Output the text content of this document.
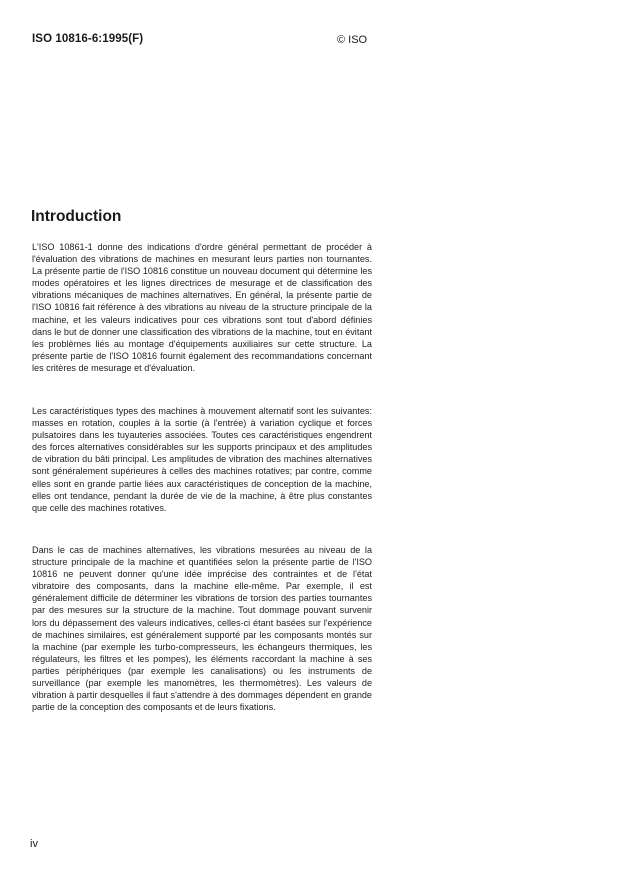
ISO 10816-6:1995(F)	© ISO
Introduction

L'ISO 10861-1 donne des indications d'ordre général permettant de procéder à l'évaluation des vibrations de machines en mesurant leurs parties non tournantes. La présente partie de l'ISO 10816 constitue un nouveau document qui détermine les modes opératoires et les lignes directrices de mesurage et de classification des vibrations mécaniques de machines alternatives. En général, la présente partie de l'ISO 10816 fait référence à des vibrations au niveau de la structure principale de la machine, et les valeurs indicatives pour ces vibrations sont tout d'abord définies dans le but de donner une classification des vibrations de la machine, tout en évitant les problèmes liés au montage d'équipements auxiliaires sur cette structure. La présente partie de l'ISO 10816 fournit également des recommandations concernant les critères de mesurage et d'évaluation.

Les caractéristiques types des machines à mouvement alternatif sont les suivantes: masses en rotation, couples à la sortie (à l'entrée) à variation cyclique et forces pulsatoires dans les tuyauteries associées. Toutes ces caractéristiques engendrent des forces alternatives considérables sur les supports principaux et des amplitudes de vibration du bâti principal. Les amplitudes de vibration des machines alternatives sont généralement supérieures à celles des machines rotatives; par contre, comme elles sont en grande partie liées aux caractéristiques de conception de la machine, elles ont tendance, pendant la durée de vie de la machine, à être plus constantes que celle des machines rotatives.

Dans le cas de machines alternatives, les vibrations mesurées au niveau de la structure principale de la machine et quantifiées selon la présente partie de l'ISO 10816 ne peuvent donner qu'une idée imprécise des contraintes et de l'état vibratoire des composants, dans la machine elle-même. Par exemple, il est généralement difficile de déterminer les vibrations de torsion des parties tournantes par des mesures sur la structure de la machine. Tout dommage pouvant survenir lors du dépassement des valeurs indicatives, celles-ci étant basées sur l'expérience de machines similaires, est généralement supporté par les composants montés sur la machine (par exemple les turbo-compresseurs, les échangeurs thermiques, les régulateurs, les filtres et les pompes), les éléments raccordant la machine à ses parties périphériques (par exemple les canalisations) ou les instruments de surveillance (par exemple les manomètres, les thermomètres). Les valeurs de vibration à partir desquelles il faut s'attendre à des dommages dépendent en grande partie de la conception des composants et de leurs fixations.

iv
